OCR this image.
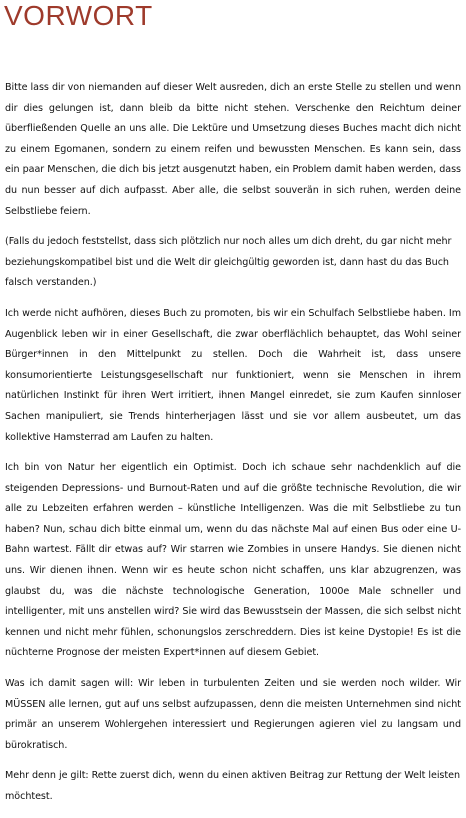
VORWORT

Bitte lass dir von niemanden auf dieser Welt ausreden, dich an erste Stelle zu stellen und wenn dir dies gelungen ist, dann bleib da bitte nicht stehen. Verschenke den Reichtum deiner überfließenden Quelle an uns alle. Die Lektüre und Umsetzung dieses Buches macht dich nicht zu einem Egomanen, sondern zu einem reifen und bewussten Menschen. Es kann sein, dass ein paar Menschen, die dich bis jetzt ausgenutzt haben, ein Problem damit haben werden, dass du nun besser auf dich aufpasst. Aber alle, die selbst souverän in sich ruhen, werden deine Selbstliebe feiern.

(Falls du jedoch feststellst, dass sich plötzlich nur noch alles um dich dreht, du gar nicht mehr beziehungskompatibel bist und die Welt dir gleichgültig geworden ist, dann hast du das Buch falsch verstanden.)

Ich werde nicht aufhören, dieses Buch zu promoten, bis wir ein Schulfach Selbstliebe haben. Im Augenblick leben wir in einer Gesellschaft, die zwar oberflächlich behauptet, das Wohl seiner Bürger*innen in den Mittelpunkt zu stellen. Doch die Wahrheit ist, dass unsere konsumorientierte Leistungsgesellschaft nur funktioniert, wenn sie Menschen in ihrem natürlichen Instinkt für ihren Wert irritiert, ihnen Mangel einredet, sie zum Kaufen sinnloser Sachen manipuliert, sie Trends hinterherjagen lässt und sie vor allem ausbeutet, um das kollektive Hamsterrad am Laufen zu halten.

Ich bin von Natur her eigentlich ein Optimist. Doch ich schaue sehr nachdenklich auf die steigenden Depressions- und Burnout-Raten und auf die größte technische Revolution, die wir alle zu Lebzeiten erfahren werden – künstliche Intelligenzen. Was die mit Selbstliebe zu tun haben? Nun, schau dich bitte einmal um, wenn du das nächste Mal auf einen Bus oder eine U-Bahn wartest. Fällt dir etwas auf? Wir starren wie Zombies in unsere Handys. Sie dienen nicht uns. Wir dienen ihnen. Wenn wir es heute schon nicht schaffen, uns klar abzugrenzen, was glaubst du, was die nächste technologische Generation, 1000e Male schneller und intelligenter, mit uns anstellen wird? Sie wird das Bewusstsein der Massen, die sich selbst nicht kennen und nicht mehr fühlen, schonungslos zerschreddern. Dies ist keine Dystopie! Es ist die nüchterne Prognose der meisten Expert*innen auf diesem Gebiet.

Was ich damit sagen will: Wir leben in turbulenten Zeiten und sie werden noch wilder. Wir MÜSSEN alle lernen, gut auf uns selbst aufzupassen, denn die meisten Unternehmen sind nicht primär an unserem Wohlergehen interessiert und Regierungen agieren viel zu langsam und bürokratisch.

Mehr denn je gilt: Rette zuerst dich, wenn du einen aktiven Beitrag zur Rettung der Welt leisten möchtest.
